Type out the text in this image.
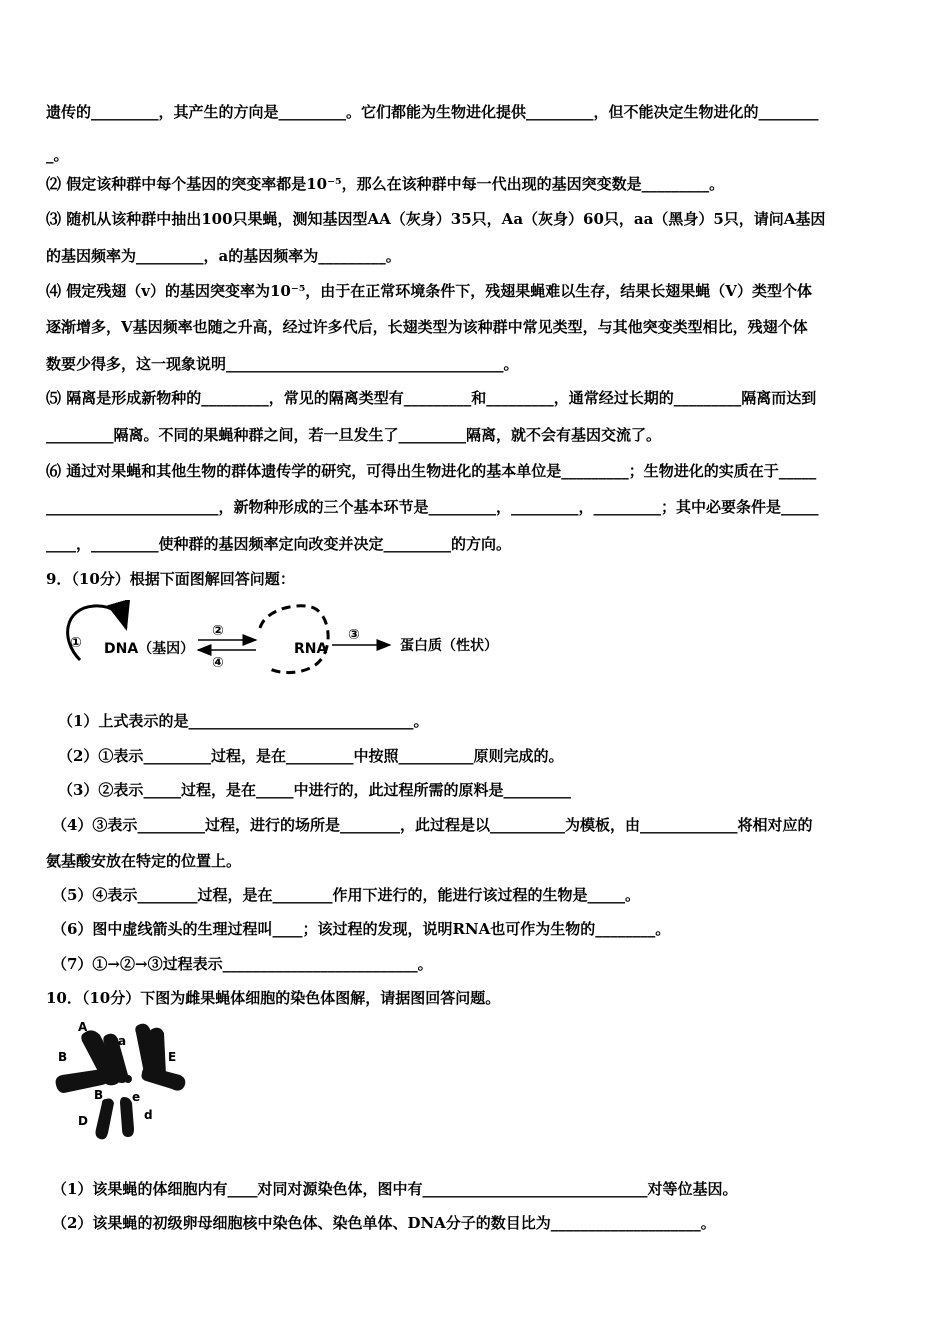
遗传的_________，其产生的方向是_________。它们都能为生物进化提供_________，但不能决定生物进化的________
_。
⑵ 假定该种群中每个基因的突变率都是10⁻⁵，那么在该种群中每一代出现的基因突变数是_________。
⑶ 随机从该种群中抽出100只果蝇，测知基因型AA（灰身）35只，Aa（灰身）60只，aa（黑身）5只，请问A基因
的基因频率为_________，a的基因频率为_________。
⑷ 假定残翅（v）的基因突变率为10⁻⁵，由于在正常环境条件下，残翅果蝇难以生存，结果长翅果蝇（V）类型个体
逐渐增多，V基因频率也随之升高，经过许多代后，长翅类型为该种群中常见类型，与其他突变类型相比，残翅个体
数要少得多，这一现象说明_____________________________________。
⑸ 隔离是形成新物种的_________，常见的隔离类型有_________和_________，通常经过长期的_________隔离而达到
_________隔离。不同的果蝇种群之间，若一旦发生了_________隔离，就不会有基因交流了。
⑹ 通过对果蝇和其他生物的群体遗传学的研究，可得出生物进化的基本单位是_________；生物进化的实质在于_____
_______________________，新物种形成的三个基本环节是_________，_________，_________；其中必要条件是_____
____，_________使种群的基因频率定向改变并决定_________的方向。
9．（10分）根据下面图解回答问题：
① DNA（基因）
②
④
RNA
③
蛋白质（性状）
（1）上式表示的是______________________________。
（2）①表示_________过程，是在_________中按照__________原则完成的。
（3）②表示_____过程，是在_____中进行的，此过程所需的原料是_________
（4）③表示_________过程，进行的场所是________，此过程是以__________为模板，由_____________将相对应的
氨基酸安放在特定的位置上。
（5）④表示________过程，是在________作用下进行的，能进行该过程的生物是_____。
（6）图中虚线箭头的生理过程叫____；该过程的发现，说明RNA也可作为生物的________。
（7）①→②→③过程表示__________________________。
10．（10分）下图为雌果蝇体细胞的染色体图解，请据图回答问题。
A
a
B	E
B e
D	d
（1）该果蝇的体细胞内有____对同对源染色体，图中有______________________________对等位基因。
（2）该果蝇的初级卵母细胞核中染色体、染色单体、DNA分子的数目比为____________________。
